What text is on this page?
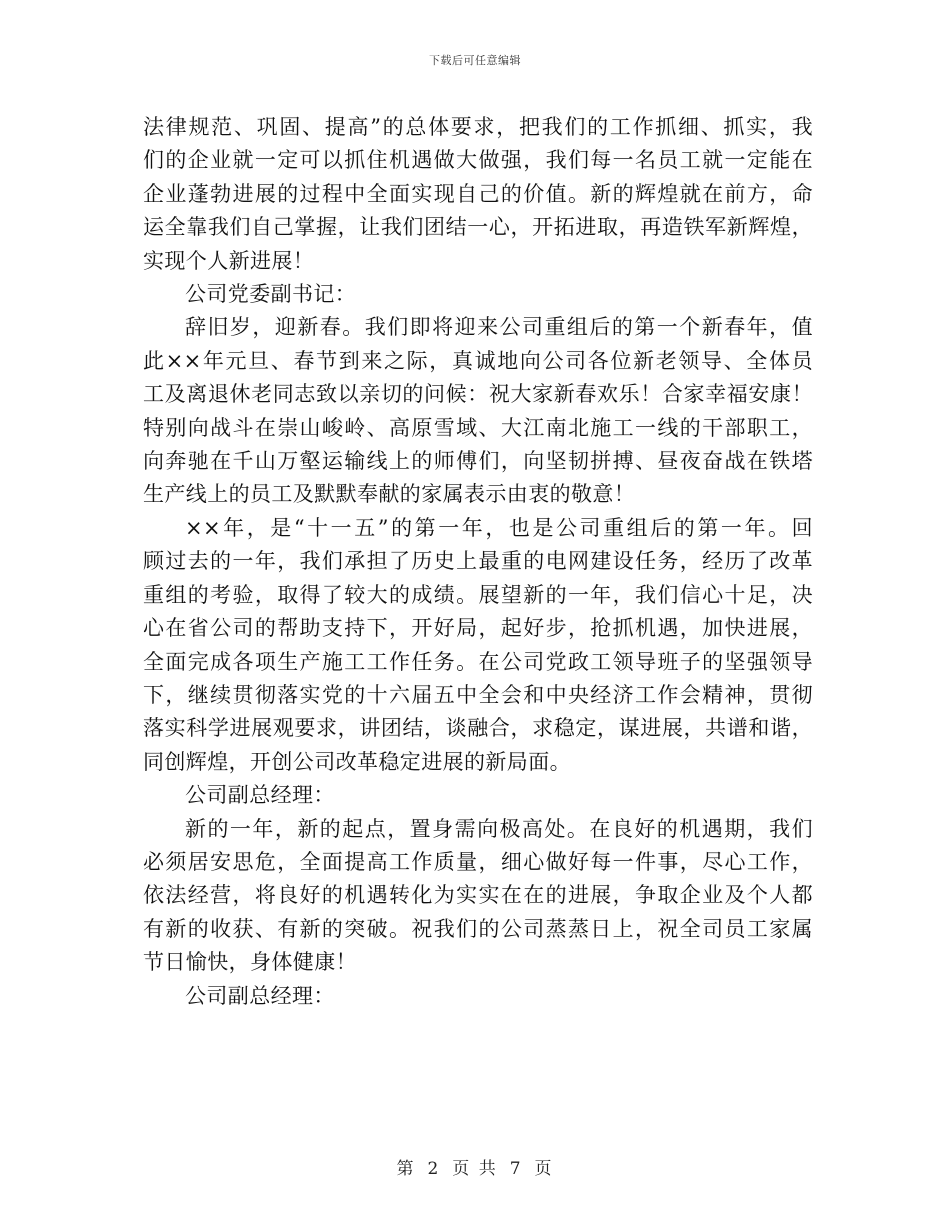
下载后可任意编辑

法律规范、巩固、提高”的总体要求，把我们的工作抓细、抓实，我
们的企业就一定可以抓住机遇做大做强，我们每一名员工就一定能在
企业蓬勃进展的过程中全面实现自己的价值。新的辉煌就在前方，命
运全靠我们自己掌握，让我们团结一心，开拓进取，再造铁军新辉煌，
实现个人新进展！

公司党委副书记：

辞旧岁，迎新春。我们即将迎来公司重组后的第一个新春年，值
此××年元旦、春节到来之际，真诚地向公司各位新老领导、全体员
工及离退休老同志致以亲切的问候：祝大家新春欢乐！合家幸福安康！
特别向战斗在崇山峻岭、高原雪域、大江南北施工一线的干部职工，
向奔驰在千山万壑运输线上的师傅们，向坚韧拼搏、昼夜奋战在铁塔
生产线上的员工及默默奉献的家属表示由衷的敬意！

××年，是“十一五”的第一年，也是公司重组后的第一年。回
顾过去的一年，我们承担了历史上最重的电网建设任务，经历了改革
重组的考验，取得了较大的成绩。展望新的一年，我们信心十足，决
心在省公司的帮助支持下，开好局，起好步，抢抓机遇，加快进展，
全面完成各项生产施工工作任务。在公司党政工领导班子的坚强领导
下，继续贯彻落实党的十六届五中全会和中央经济工作会精神，贯彻
落实科学进展观要求，讲团结，谈融合，求稳定，谋进展，共谱和谐，
同创辉煌，开创公司改革稳定进展的新局面。

公司副总经理：

新的一年，新的起点，置身需向极高处。在良好的机遇期，我们
必须居安思危，全面提高工作质量，细心做好每一件事，尽心工作，
依法经营，将良好的机遇转化为实实在在的进展，争取企业及个人都
有新的收获、有新的突破。祝我们的公司蒸蒸日上，祝全司员工家属
节日愉快，身体健康！

公司副总经理：

第 2 页 共 7 页
